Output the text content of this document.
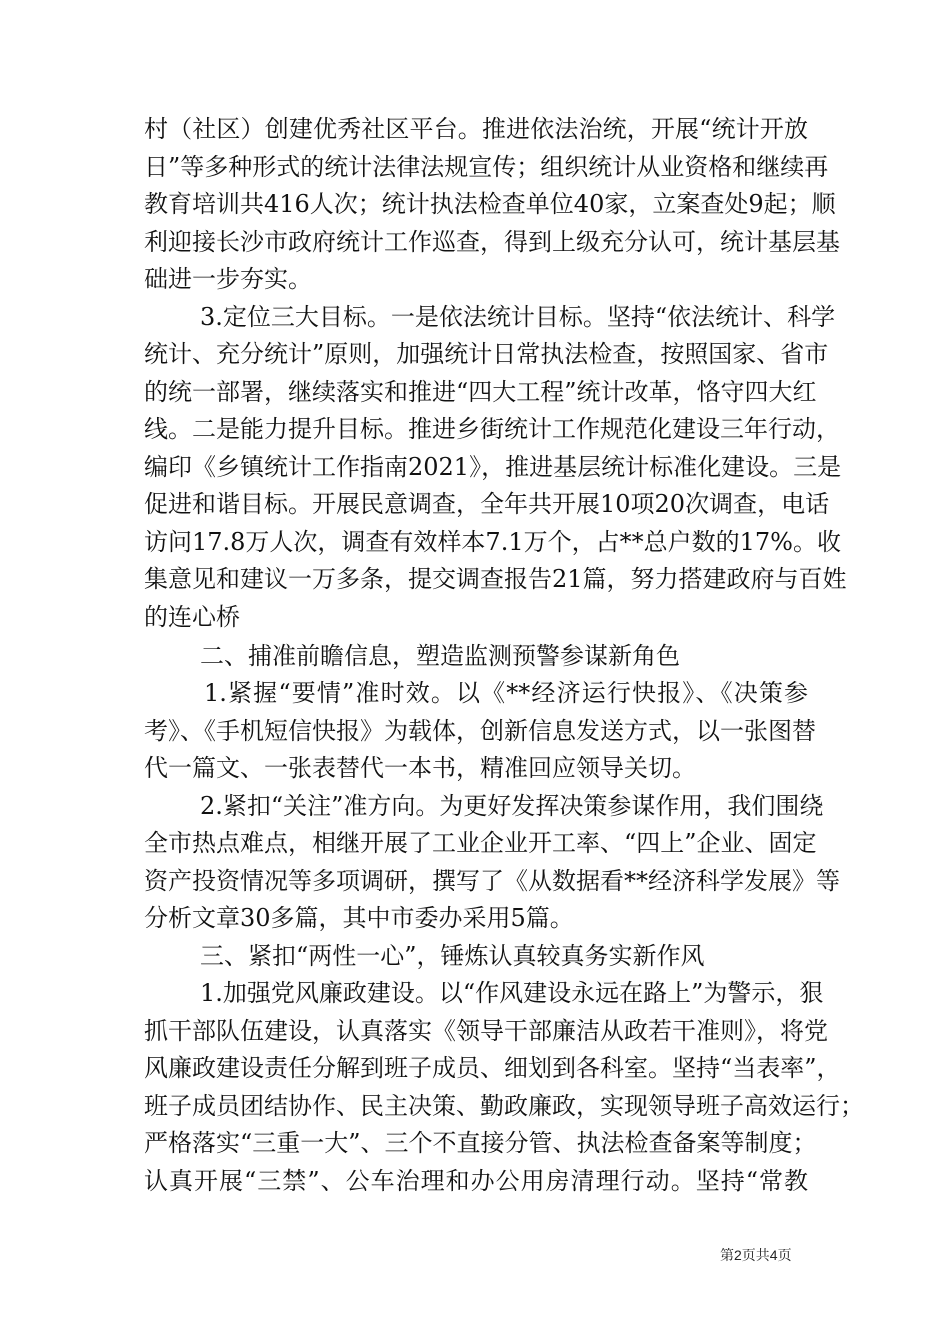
村（社区）创建优秀社区平台。推进依法治统，开展“统计开放
日”等多种形式的统计法律法规宣传；组织统计从业资格和继续再
教育培训共416人次；统计执法检查单位40家，立案查处9起；顺
利迎接长沙市政府统计工作巡查，得到上级充分认可，统计基层基
础进一步夯实。
3.定位三大目标。一是依法统计目标。坚持“依法统计、科学
统计、充分统计”原则，加强统计日常执法检查，按照国家、省市
的统一部署，继续落实和推进“四大工程”统计改革，恪守四大红
线。二是能力提升目标。推进乡街统计工作规范化建设三年行动，
编印《乡镇统计工作指南2021》，推进基层统计标准化建设。三是
促进和谐目标。开展民意调查，全年共开展10项20次调查，电话
访问17.8万人次，调查有效样本7.1万个，占**总户数的17%。收
集意见和建议一万多条，提交调查报告21篇，努力搭建政府与百姓
的连心桥
二、捕准前瞻信息，塑造监测预警参谋新角色
1.紧握“要情”准时效。以《**经济运行快报》、《决策参
考》、《手机短信快报》为载体，创新信息发送方式，以一张图替
代一篇文、一张表替代一本书，精准回应领导关切。
2.紧扣“关注”准方向。为更好发挥决策参谋作用，我们围绕
全市热点难点，相继开展了工业企业开工率、“四上”企业、固定
资产投资情况等多项调研，撰写了《从数据看**经济科学发展》等
分析文章30多篇，其中市委办采用5篇。
三、紧扣“两性一心”，锤炼认真较真务实新作风
1.加强党风廉政建设。以“作风建设永远在路上”为警示，狠
抓干部队伍建设，认真落实《领导干部廉洁从政若干准则》，将党
风廉政建设责任分解到班子成员、细划到各科室。坚持“当表率”，
班子成员团结协作、民主决策、勤政廉政，实现领导班子高效运行；
严格落实“三重一大”、三个不直接分管、执法检查备案等制度；
认真开展“三禁”、公车治理和办公用房清理行动。坚持“常教
第2页共4页
